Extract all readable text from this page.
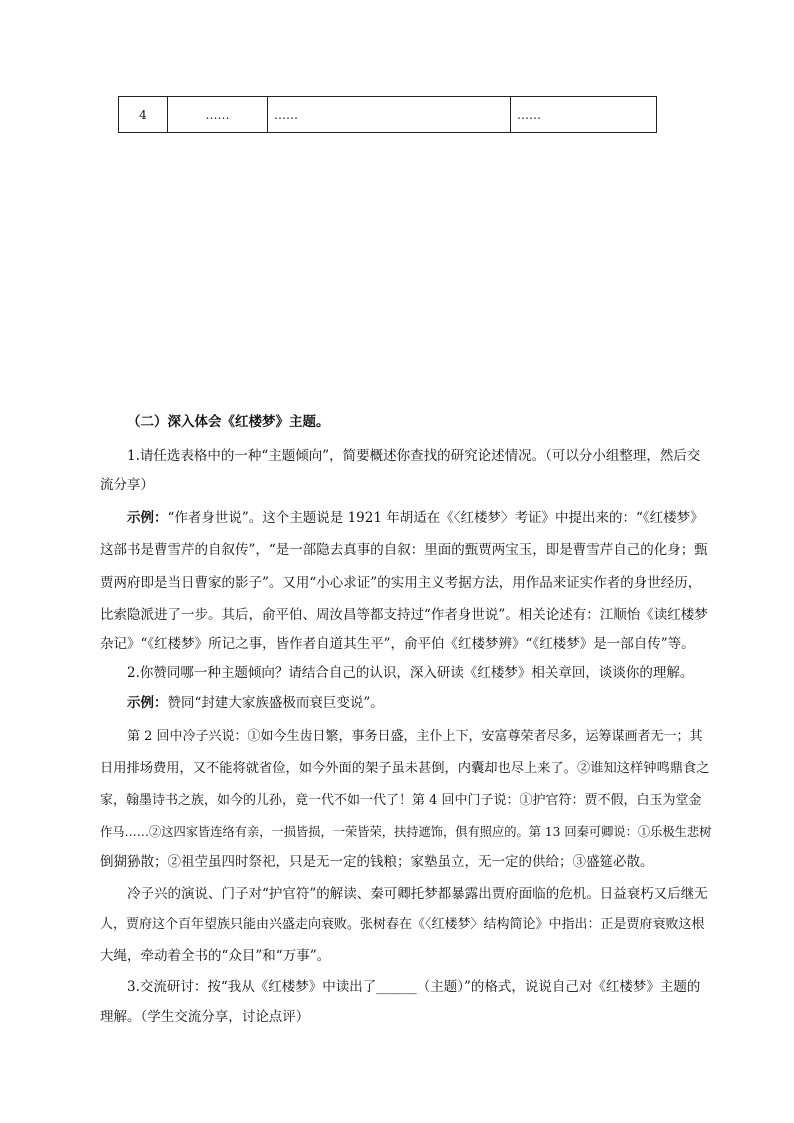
4	……	……	……
（二）深入体会《红楼梦》主题。
1.请任选表格中的一种“主题倾向”，简要概述你查找的研究论述情况。（可以分小组整理，然后交
流分享）
示例：“作者身世说”。这个主题说是 1921 年胡适在《〈红楼梦〉考证》中提出来的：“《红楼梦》
这部书是曹雪芹的自叙传”，“是一部隐去真事的自叙：里面的甄贾两宝玉，即是曹雪芹自己的化身；甄
贾两府即是当日曹家的影子”。又用“小心求证”的实用主义考据方法，用作品来证实作者的身世经历，
比索隐派进了一步。其后，俞平伯、周汝昌等都支持过“作者身世说”。相关论述有：江顺怡《读红楼梦
杂记》“《红楼梦》所记之事，皆作者自道其生平”，俞平伯《红楼梦辨》“《红楼梦》是一部自传”等。
2.你赞同哪一种主题倾向？请结合自己的认识，深入研读《红楼梦》相关章回，谈谈你的理解。
示例：赞同“封建大家族盛极而衰巨变说”。
第 2 回中冷子兴说：①如今生齿日繁，事务日盛，主仆上下，安富尊荣者尽多，运筹谋画者无一；其
日用排场费用，又不能将就省俭，如今外面的架子虽未甚倒，内囊却也尽上来了。②谁知这样钟鸣鼎食之
家，翰墨诗书之族，如今的儿孙，竟一代不如一代了！第 4 回中门子说：①护官符：贾不假，白玉为堂金
作马……②这四家皆连络有亲，一损皆损，一荣皆荣，扶持遮饰，俱有照应的。第 13 回秦可卿说：①乐极生悲树
倒猢狲散；②祖茔虽四时祭祀，只是无一定的钱粮；家塾虽立，无一定的供给；③盛筵必散。
冷子兴的演说、门子对“护官符”的解读、秦可卿托梦都暴露出贾府面临的危机。日益衰朽又后继无
人，贾府这个百年望族只能由兴盛走向衰败。张树春在《〈红楼梦〉结构简论》中指出：正是贾府衰败这根
大绳，牵动着全书的“众目”和“万事”。
3.交流研讨：按“我从《红楼梦》中读出了______（主题）”的格式，说说自己对《红楼梦》主题的
理解。（学生交流分享，讨论点评）
